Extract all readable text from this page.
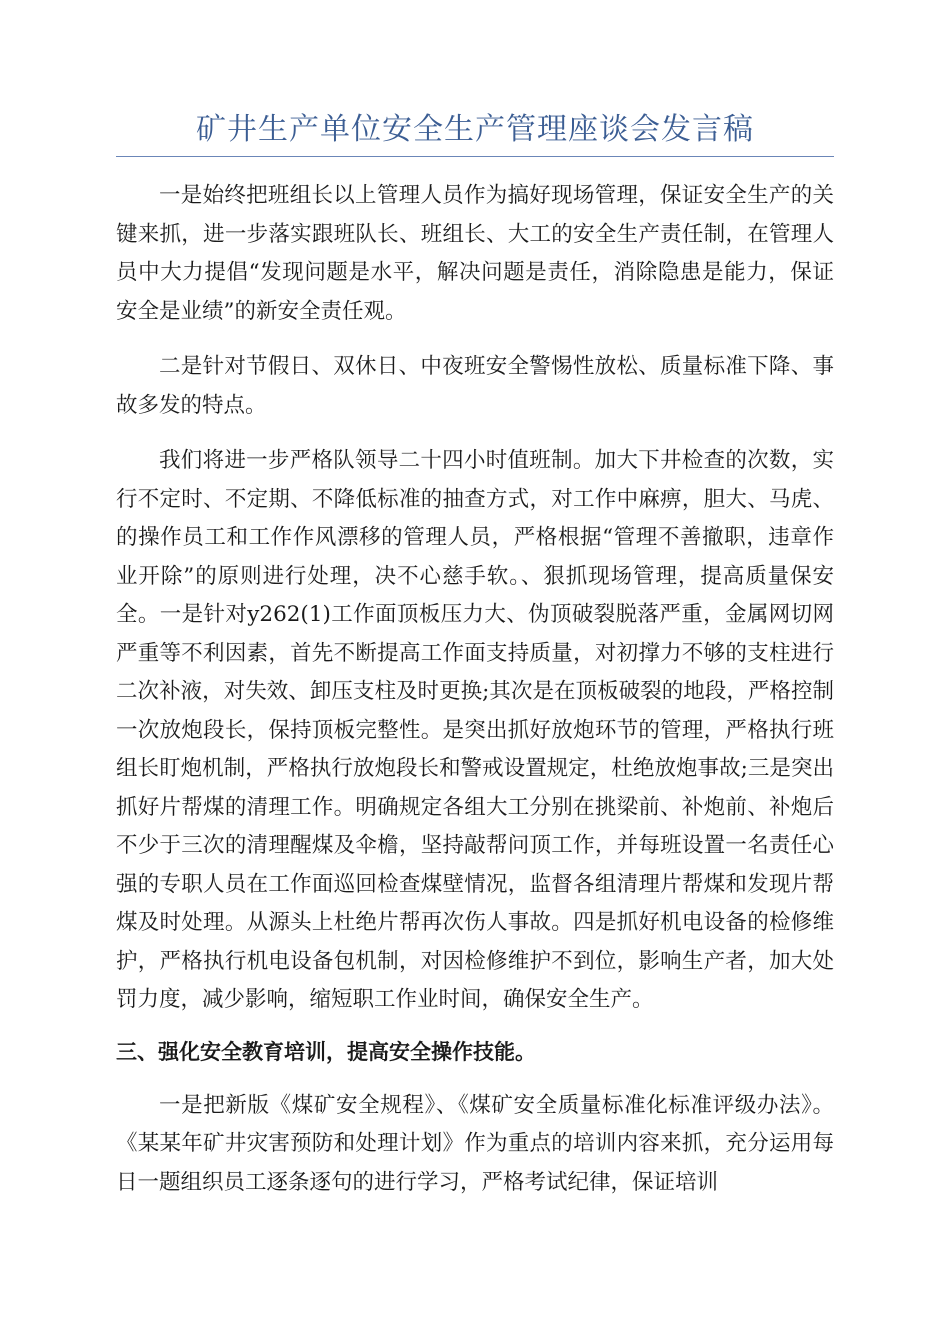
矿井生产单位安全生产管理座谈会发言稿

一是始终把班组长以上管理人员作为搞好现场管理，保证安全生产的关键来抓，进一步落实跟班队长、班组长、大工的安全生产责任制，在管理人员中大力提倡“发现问题是水平，解决问题是责任，消除隐患是能力，保证安全是业绩”的新安全责任观。

二是针对节假日、双休日、中夜班安全警惕性放松、质量标准下降、事故多发的特点。

我们将进一步严格队领导二十四小时值班制。加大下井检查的次数，实行不定时、不定期、不降低标准的抽查方式，对工作中麻痹，胆大、马虎、的操作员工和工作作风漂移的管理人员，严格根据“管理不善撤职，违章作业开除”的原则进行处理，决不心慈手软。、狠抓现场管理，提高质量保安全。一是针对y262(1)工作面顶板压力大、伪顶破裂脱落严重，金属网切网严重等不利因素，首先不断提高工作面支持质量，对初撑力不够的支柱进行二次补液，对失效、卸压支柱及时更换;其次是在顶板破裂的地段，严格控制一次放炮段长，保持顶板完整性。是突出抓好放炮环节的管理，严格执行班组长盯炮机制，严格执行放炮段长和警戒设置规定，杜绝放炮事故;三是突出抓好片帮煤的清理工作。明确规定各组大工分别在挑梁前、补炮前、补炮后不少于三次的清理醒煤及伞檐，坚持敲帮问顶工作，并每班设置一名责任心强的专职人员在工作面巡回检查煤壁情况，监督各组清理片帮煤和发现片帮煤及时处理。从源头上杜绝片帮再次伤人事故。四是抓好机电设备的检修维护，严格执行机电设备包机制，对因检修维护不到位，影响生产者，加大处罚力度，减少影响，缩短职工作业时间，确保安全生产。

三、强化安全教育培训，提高安全操作技能。

一是把新版《煤矿安全规程》、《煤矿安全质量标准化标准评级办法》。《某某年矿井灾害预防和处理计划》作为重点的培训内容来抓，充分运用每日一题组织员工逐条逐句的进行学习，严格考试纪律，保证培训
